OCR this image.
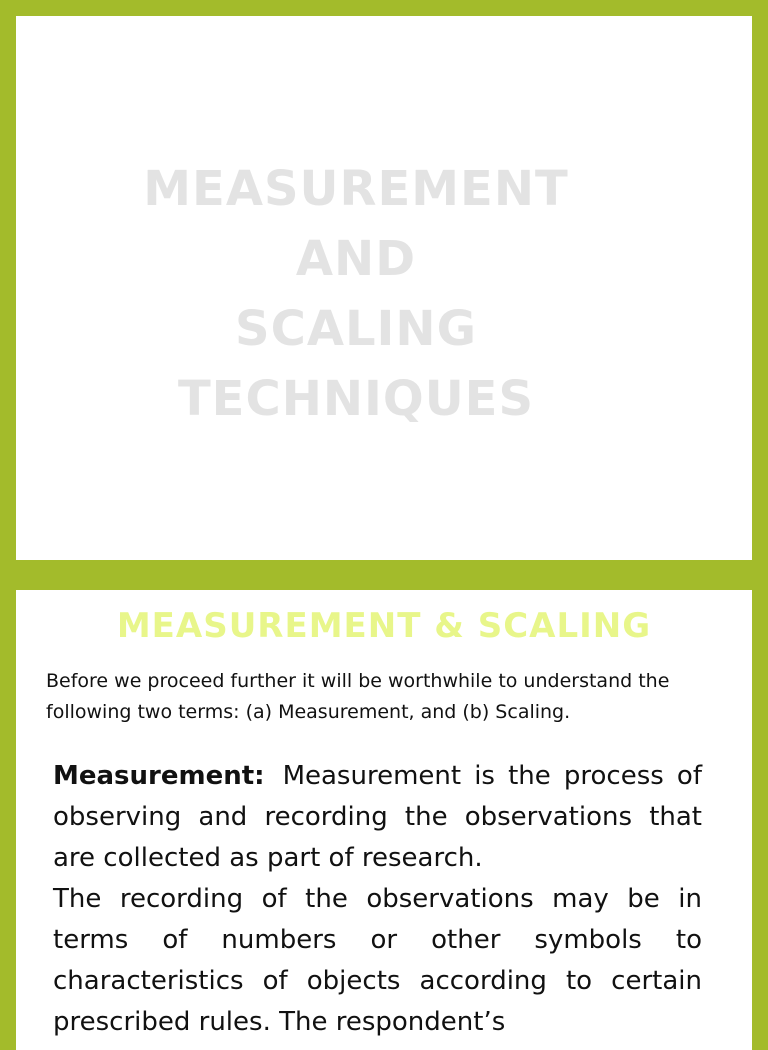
MEASUREMENT
AND
SCALING
TECHNIQUES
MEASUREMENT & SCALING
Before we proceed further it will be worthwhile to understand the following two terms: (a) Measurement, and (b) Scaling.

Measurement: Measurement is the process of observing and recording the observations that are collected as part of research.

The recording of the observations may be in terms of numbers or other symbols to characteristics of objects according to certain prescribed rules. The respondent’s
